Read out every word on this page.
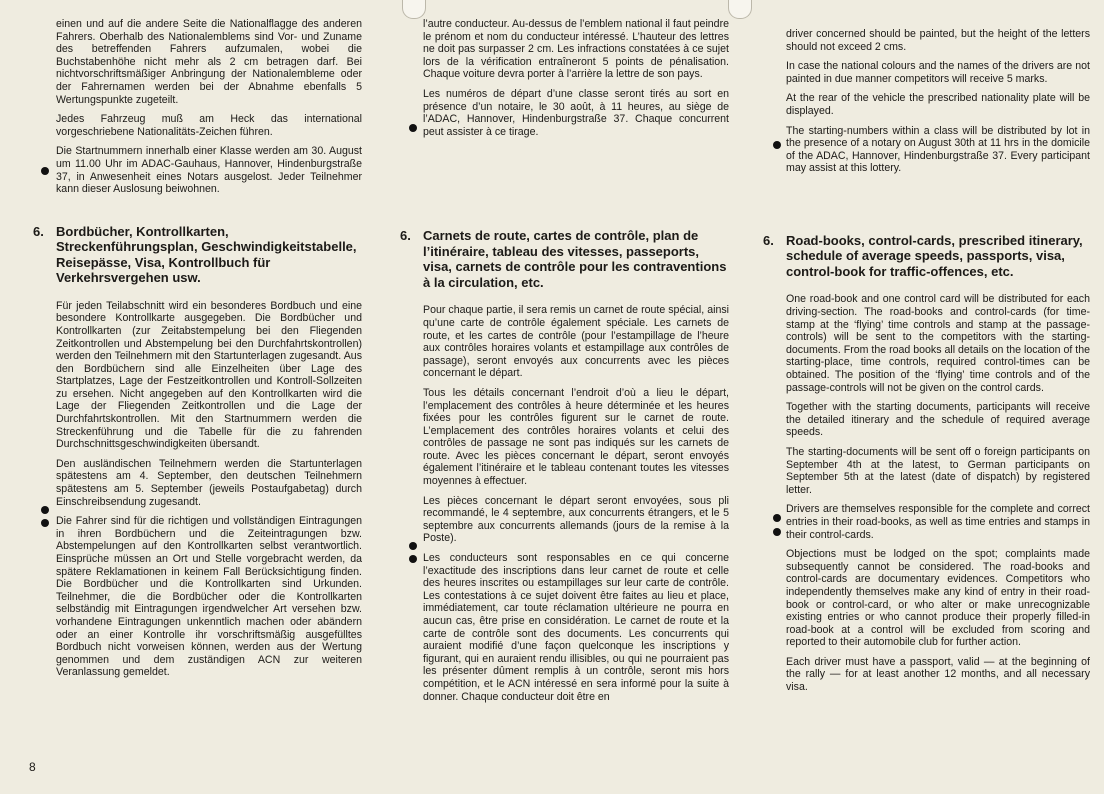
einen und auf die andere Seite die Nationalflagge des anderen Fahrers. Oberhalb des Nationalemblems sind Vor- und Zuname des betreffenden Fahrers aufzumalen, wobei die Buchstabenhöhe nicht mehr als 2 cm betragen darf. Bei nichtvorschriftsmäßiger Anbringung der Nationalembleme oder der Fahrernamen werden bei der Abnahme ebenfalls 5 Wertungspunkte zugeteilt.

Jedes Fahrzeug muß am Heck das international vorgeschriebene Nationalitäts-Zeichen führen.

Die Startnummern innerhalb einer Klasse werden am 30. August um 11.00 Uhr im ADAC-Gauhaus, Hannover, Hindenburgstraße 37, in Anwesenheit eines Notars ausgelost. Jeder Teilnehmer kann dieser Auslosung beiwohnen.

6. Bordbücher, Kontrollkarten, Streckenführungsplan, Geschwindigkeitstabelle, Reisepässe, Visa, Kontrollbuch für Verkehrsvergehen usw.

Für jeden Teilabschnitt wird ein besonderes Bordbuch und eine besondere Kontrollkarte ausgegeben. Die Bordbücher und Kontrollkarten (zur Zeitabstempelung bei den Fliegenden Zeitkontrollen und Abstempelung bei den Durchfahrtskontrollen) werden den Teilnehmern mit den Startunterlagen zugesandt. Aus den Bordbüchern sind alle Einzelheiten über Lage des Startplatzes, Lage der Festzeitkontrollen und Kontroll-Sollzeiten zu ersehen. Nicht angegeben auf den Kontrollkarten wird die Lage der Fliegenden Zeitkontrollen und die Lage der Durchfahrtskontrollen. Mit den Startnummern werden die Streckenführung und die Tabelle für die zu fahrenden Durchschnittsgeschwindigkeiten übersandt.

Den ausländischen Teilnehmern werden die Startunterlagen spätestens am 4. September, den deutschen Teilnehmern spätestens am 5. September (jeweils Postaufgabetag) durch Einschreibsendung zugesandt.

Die Fahrer sind für die richtigen und vollständigen Eintragungen in ihren Bordbüchern und die Zeiteintragungen bzw. Abstempelungen auf den Kontrollkarten selbst verantwortlich. Einsprüche müssen an Ort und Stelle vorgebracht werden, da spätere Reklamationen in keinem Fall Berücksichtigung finden. Die Bordbücher und die Kontrollkarten sind Urkunden. Teilnehmer, die die Bordbücher oder die Kontrollkarten selbständig mit Eintragungen irgendwelcher Art versehen bzw. vorhandene Eintragungen unkenntlich machen oder abändern oder an einer Kontrolle ihr vorschriftsmäßig ausgefülltes Bordbuch nicht vorweisen können, werden aus der Wertung genommen und dem zuständigen ACN zur weiteren Veranlassung gemeldet.

l’autre conducteur. Au-dessus de l’emblem national il faut peindre le prénom et nom du conducteur intéressé. L’hauteur des lettres ne doit pas surpasser 2 cm. Les infractions constatées à ce sujet lors de la vérification entraîneront 5 points de pénalisation. Chaque voiture devra porter à l’arrière la lettre de son pays.

Les numéros de départ d’une classe seront tirés au sort en présence d’un notaire, le 30 août, à 11 heures, au siège de l’ADAC, Hannover, Hindenburgstraße 37. Chaque concurrent peut assister à ce tirage.

6. Carnets de route, cartes de contrôle, plan de l’itinéraire, tableau des vitesses, passeports, visa, carnets de contrôle pour les contraventions à la circulation, etc.

Pour chaque partie, il sera remis un carnet de route spécial, ainsi qu’une carte de contrôle également spéciale. Les carnets de route, et les cartes de contrôle (pour l’estampillage de l’heure aux contrôles horaires volants et estampillage aux contrôles de passage), seront envoyés aux concurrents avec les pièces concernant le départ.

Tous les détails concernant l’endroit d’où a lieu le départ, l’emplacement des contrôles à heure déterminée et les heures fixées pour les contrôles figurent sur le carnet de route. L’emplacement des contrôles horaires volants et celui des contrôles de passage ne sont pas indiqués sur les carnets de route. Avec les pièces concernant le départ, seront envoyés également l’itinéraire et le tableau contenant toutes les vitesses moyennes à effectuer.

Les pièces concernant le départ seront envoyées, sous pli recommandé, le 4 septembre, aux concurrents étrangers, et le 5 septembre aux concurrents allemands (jours de la remise à la Poste).

Les conducteurs sont responsables en ce qui concerne l’exactitude des inscriptions dans leur carnet de route et celle des heures inscrites ou estampillages sur leur carte de contrôle. Les contestations à ce sujet doivent être faites au lieu et place, immédiatement, car toute réclamation ultérieure ne pourra en aucun cas, être prise en considération. Le carnet de route et la carte de contrôle sont des documents. Les concurrents qui auraient modifié d’une façon quelconque les inscriptions y figurant, qui en auraient rendu illisibles, ou qui ne pourraient pas les présenter dûment remplis à un contrôle, seront mis hors compétition, et le ACN intéressé en sera informé pour la suite à donner. Chaque conducteur doit être en

driver concerned should be painted, but the height of the letters should not exceed 2 cms.

In case the national colours and the names of the drivers are not painted in due manner competitors will receive 5 marks.

At the rear of the vehicle the prescribed nationality plate will be displayed.

The starting-numbers within a class will be distributed by lot in the presence of a notary on August 30th at 11 hrs in the domicile of the ADAC, Hannover, Hindenburgstraße 37. Every participant may assist at this lottery.

6. Road-books, control-cards, prescribed itinerary, schedule of average speeds, passports, visa, control-book for traffic-offences, etc.

One road-book and one control card will be distributed for each driving-section. The road-books and control-cards (for time-stamp at the ‘flying’ time controls and stamp at the passage-controls) will be sent to the competitors with the starting-documents. From the road books all details on the location of the starting-place, time controls, required control-times can be obtained. The position of the ‘flying’ time controls and of the passage-controls will not be given on the control cards.

Together with the starting documents, participants will receive the detailed itinerary and the schedule of required average speeds.

The starting-documents will be sent off o foreign participants on September 4th at the latest, to German participants on September 5th at the latest (date of dispatch) by registered letter.

Drivers are themselves responsible for the complete and correct entries in their road-books, as well as time entries and stamps in their control-cards.

Objections must be lodged on the spot; complaints made subsequently cannot be considered. The road-books and control-cards are documentary evidences. Competitors who independently themselves make any kind of entry in their road-book or control-card, or who alter or make unrecognizable existing entries or who cannot produce their properly filled-in road-book at a control will be excluded from scoring and reported to their automobile club for further action.

Each driver must have a passport, valid — at the beginning of the rally — for at least another 12 months, and all necessary visa.

8
